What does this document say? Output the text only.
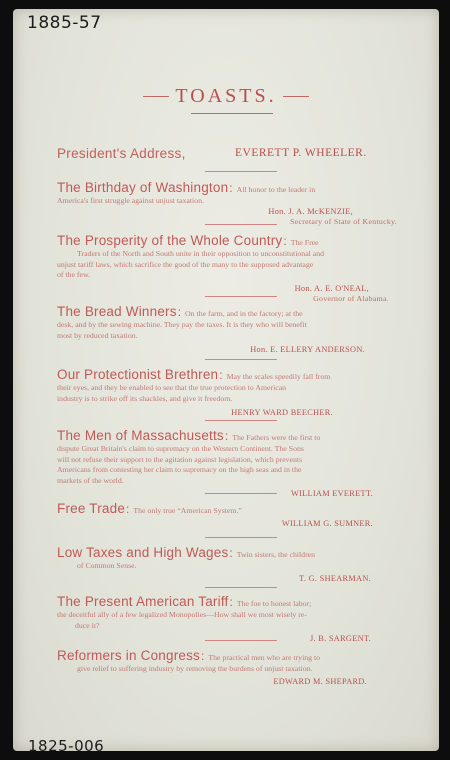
1885-57
1825-006
TOASTS.
President's Address,	EVERETT P. WHEELER.
The Birthday of Washington: All honor to the leader in
America's first struggle against unjust taxation.
Hon. J. A. McKENZIE,
Secretary of State of Kentucky.
The Prosperity of the Whole Country: The Free
Traders of the North and South unite in their opposition to unconstitutional and
unjust tariff laws, which sacrifice the good of the many to the supposed advantage
of the few.
Hon. A. E. O'NEAL,
Governor of Alabama.
The Bread Winners: On the farm, and in the factory; at the
desk, and by the sewing machine. They pay the taxes. It is they who will benefit
most by reduced taxation.
Hon. E. ELLERY ANDERSON.
Our Protectionist Brethren: May the scales speedily fall from
their eyes, and they be enabled to see that the true protection to American
industry is to strike off its shackles, and give it freedom.
HENRY WARD BEECHER.
The Men of Massachusetts: The Fathers were the first to
dispute Great Britain's claim to supremacy on the Western Continent. The Sons
will not refuse their support to the agitation against legislation, which prevents
Americans from contesting her claim to supremacy on the high seas and in the
markets of the world.
WILLIAM EVERETT.
Free Trade: The only true “American System.”
WILLIAM G. SUMNER.
Low Taxes and High Wages: Twin sisters, the children
of Common Sense.
T. G. SHEARMAN.
The Present American Tariff: The foe to honest labor;
the deceitful ally of a few legalized Monopolies—How shall we most wisely re-
duce it?
J. B. SARGENT.
Reformers in Congress: The practical men who are trying to
give relief to suffering industry by removing the burdens of unjust taxation.
EDWARD M. SHEPARD.
